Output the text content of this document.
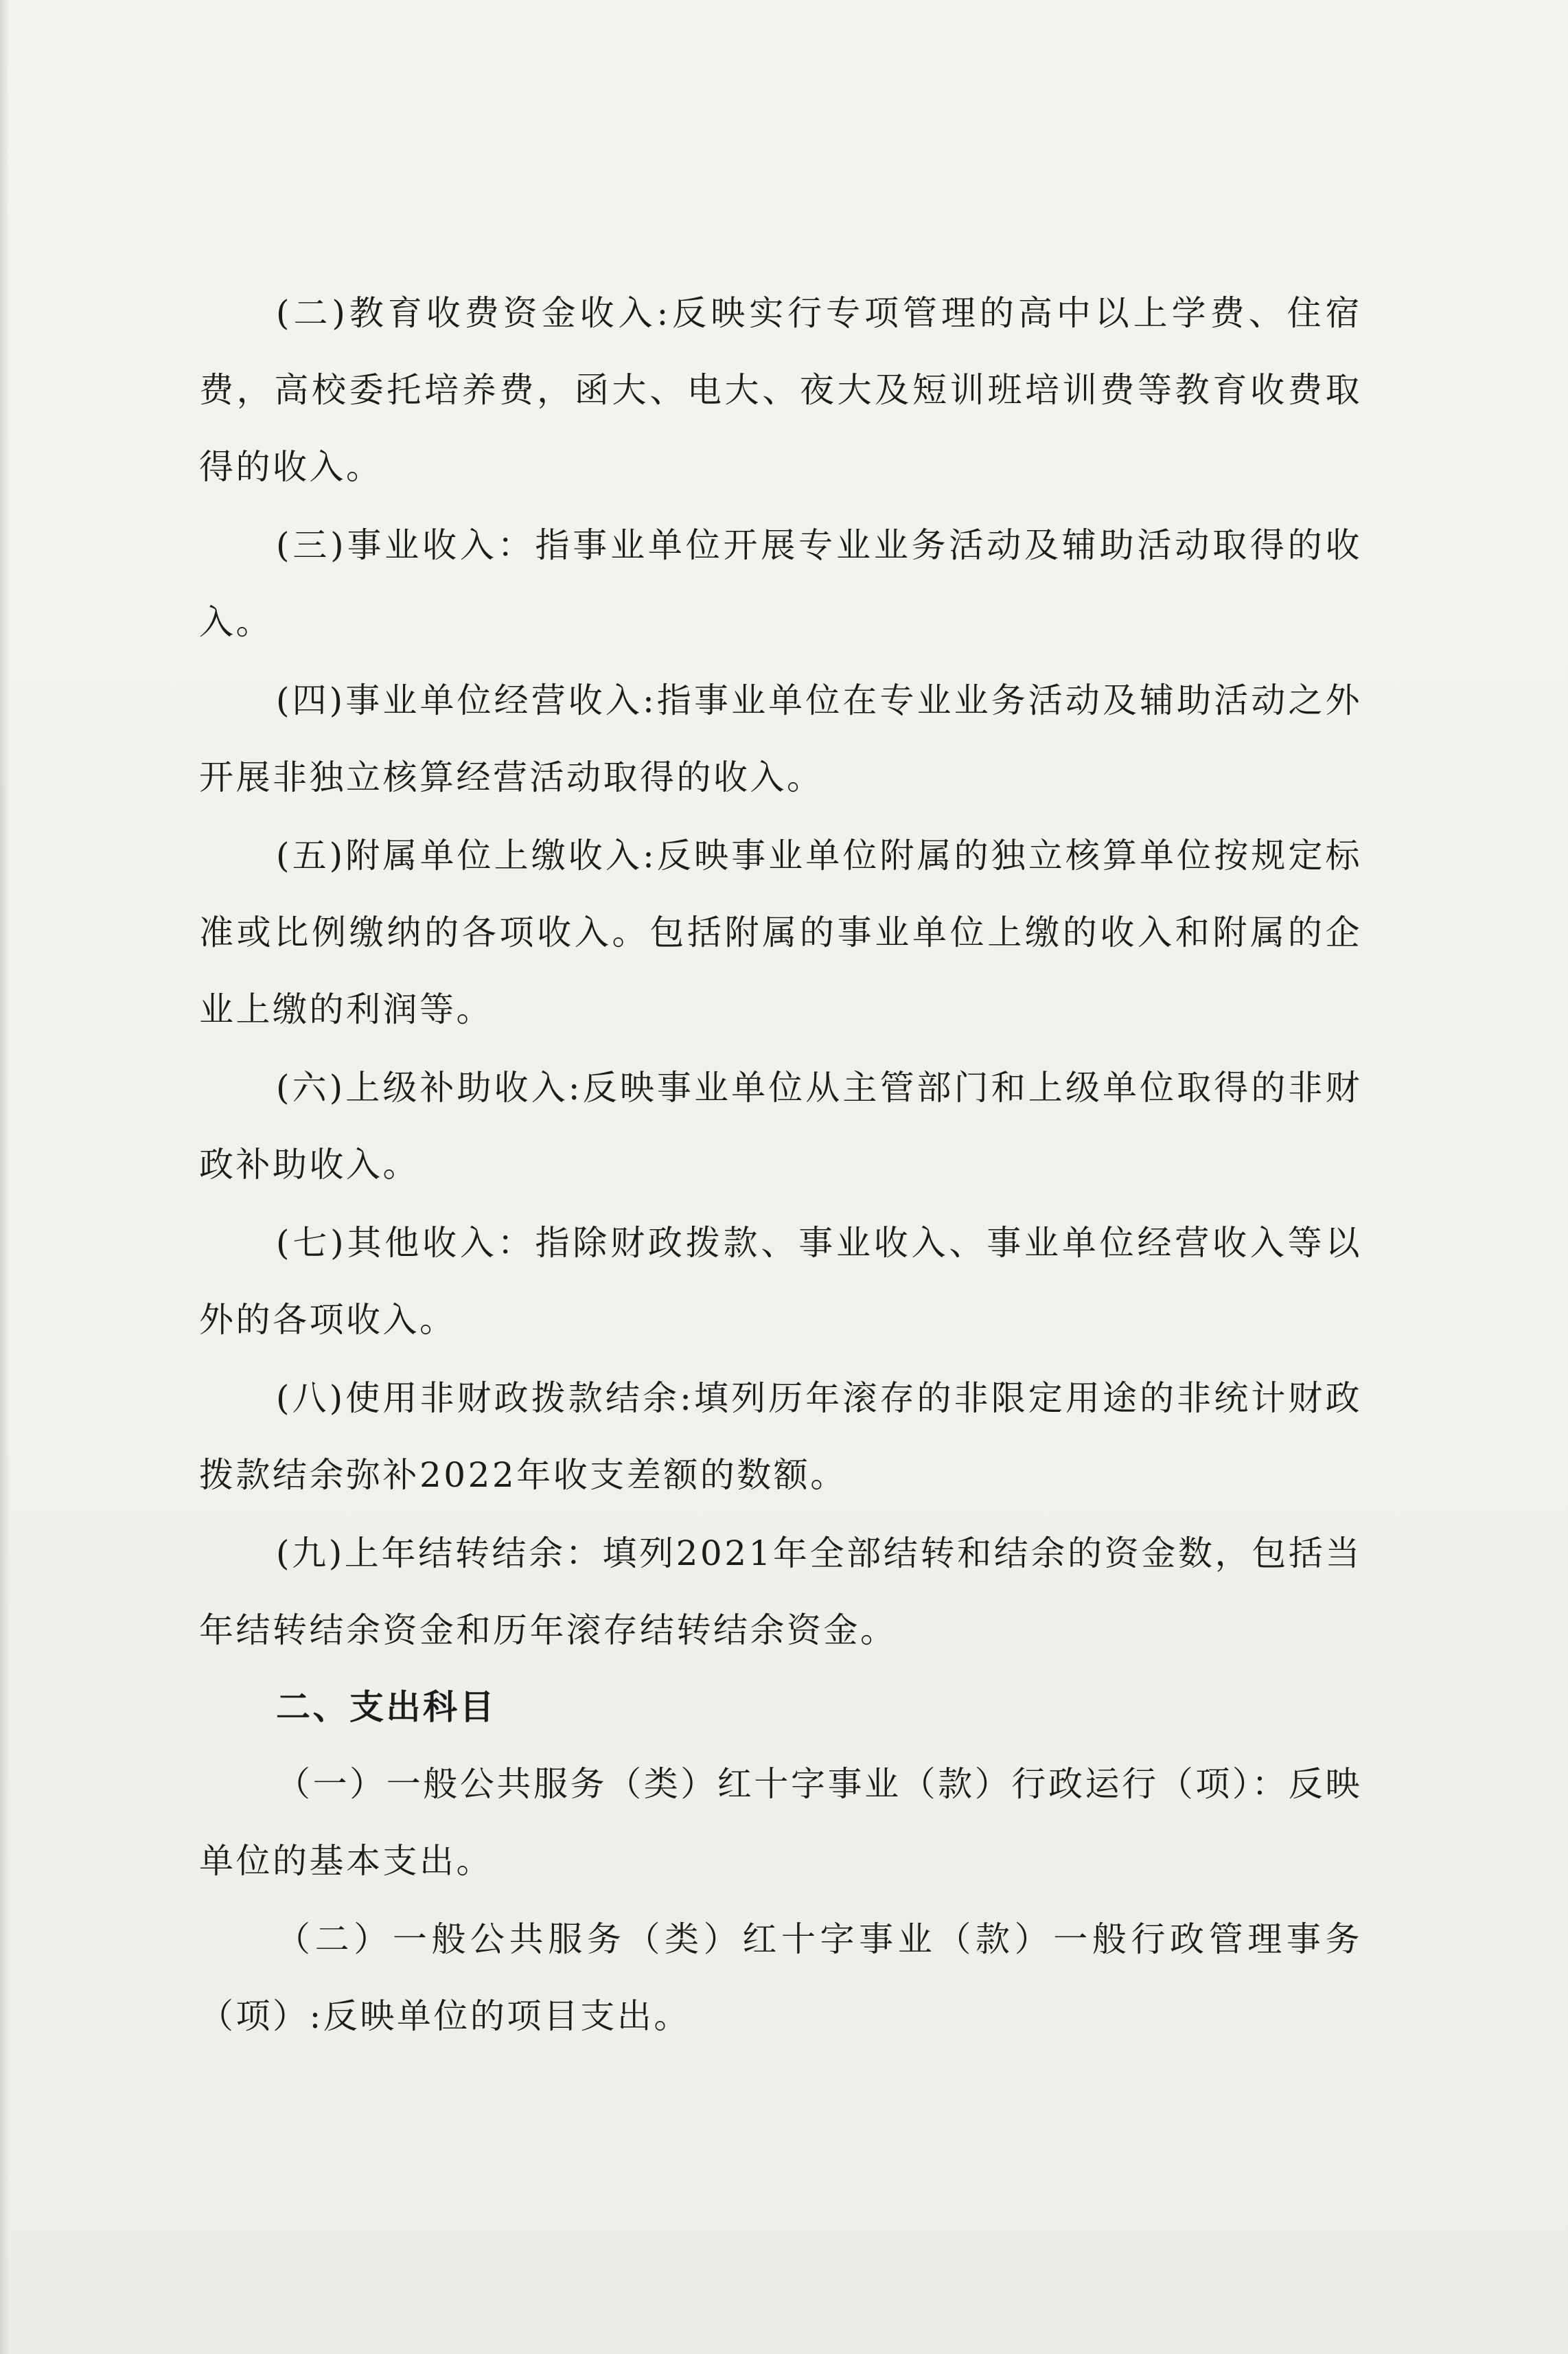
(二)教育收费资金收入:反映实行专项管理的高中以上学费、住宿费，高校委托培养费，函大、电大、夜大及短训班培训费等教育收费取得的收入。

(三)事业收入：指事业单位开展专业业务活动及辅助活动取得的收入。

(四)事业单位经营收入:指事业单位在专业业务活动及辅助活动之外开展非独立核算经营活动取得的收入。

(五)附属单位上缴收入:反映事业单位附属的独立核算单位按规定标准或比例缴纳的各项收入。包括附属的事业单位上缴的收入和附属的企业上缴的利润等。

(六)上级补助收入:反映事业单位从主管部门和上级单位取得的非财政补助收入。

(七)其他收入：指除财政拨款、事业收入、事业单位经营收入等以外的各项收入。

(八)使用非财政拨款结余:填列历年滚存的非限定用途的非统计财政拨款结余弥补2022年收支差额的数额。

(九)上年结转结余：填列2021年全部结转和结余的资金数，包括当年结转结余资金和历年滚存结转结余资金。

二、支出科目

（一）一般公共服务（类）红十字事业（款）行政运行（项）：反映单位的基本支出。

（二）一般公共服务（类）红十字事业（款）一般行政管理事务（项）:反映单位的项目支出。
